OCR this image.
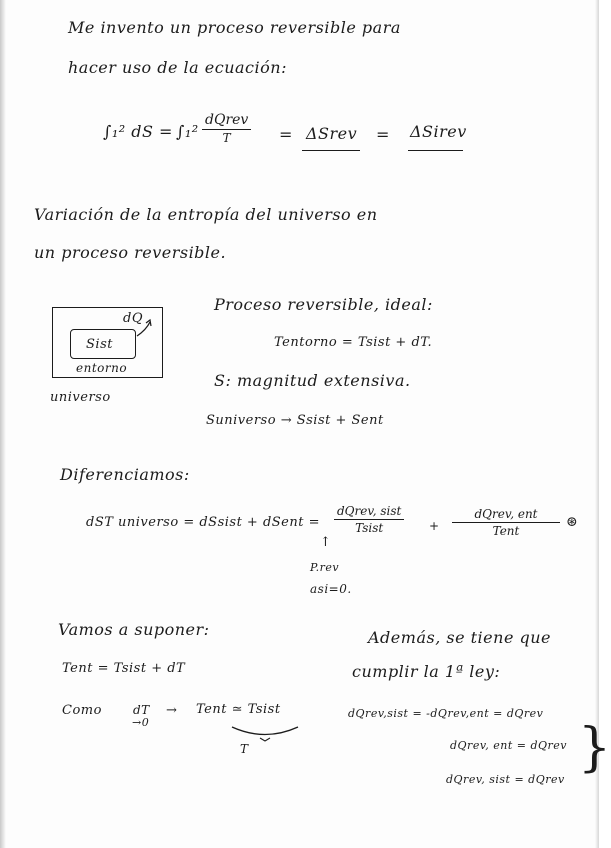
Me invento un proceso reversible para
hacer uso de la ecuación:
∫₁² dS = ∫₁²
dQrev
T	= ΔSrev = ΔSirev
Variación de la entropía del universo en
un proceso reversible.
dQ
Sist
entorno
universo
Proceso reversible, ideal:
Tentorno = Tsist + dT.
S: magnitud extensiva.
Suniverso → Ssist + Sent
Diferenciamos:
dST universo = dSsist + dSent =
dQrev, sist
Tsist	+
dQrev, ent
Tent
⊛
↑
P.rev
asi=0.
Vamos a suponer:
Tent = Tsist + dT
Como	dT
→0
→ Tent ≃ Tsist
T
Además, se tiene que
cumplir la 1ª ley:
dQrev,sist = -dQrev,ent = dQrev
dQrev, ent = dQrev
dQrev, sist = dQrev
}
